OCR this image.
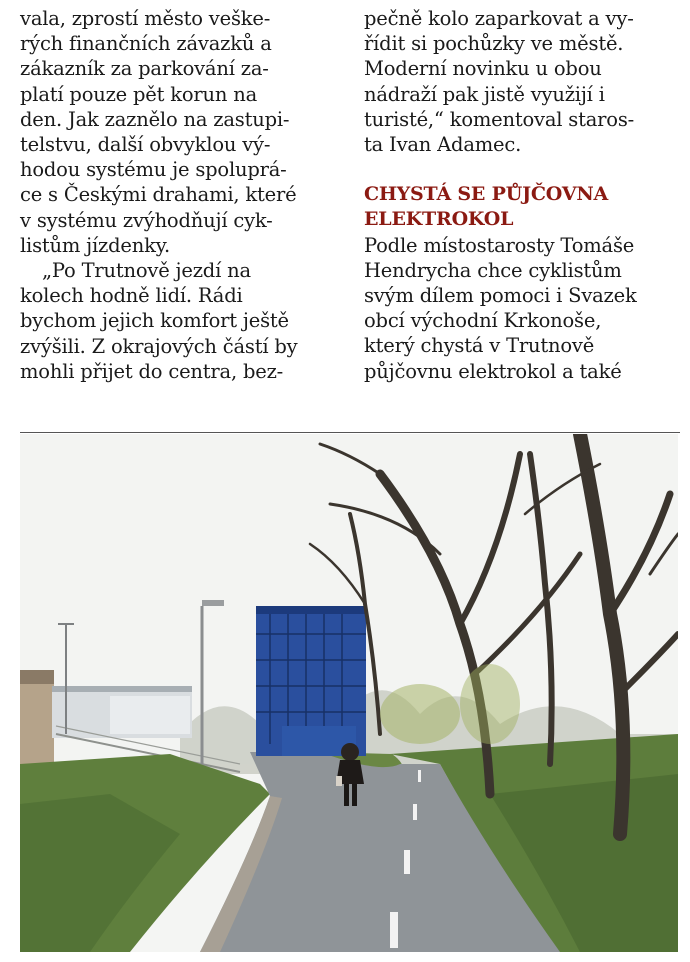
vala, zprostí město veške-
rých finančních závazků a
zákazník za parkování za-
platí pouze pět korun na
den. Jak zaznělo na zastupi-
telstvu, další obvyklou vý-
hodou systému je spoluprá-
ce s Českými drahami, které
v systému zvýhodňují cyk-
listům jízdenky.
„Po Trutnově jezdí na
kolech hodně lidí. Rádi
bychom jejich komfort ještě
zvýšili. Z okrajových částí by
mohli přijet do centra, bez-
pečně kolo zaparkovat a vy-
řídit si pochůzky ve městě.
Moderní novinku u obou
nádraží pak jistě využijí i
turisté,“ komentoval staros-
ta Ivan Adamec.
CHYSTÁ SE PŮJČOVNA
ELEKTROKOL
Podle místostarosty Tomáše
Hendrycha chce cyklistům
svým dílem pomoci i Svazek
obcí východní Krkonoše,
který chystá v Trutnově
půjčovnu elektrokol a také
